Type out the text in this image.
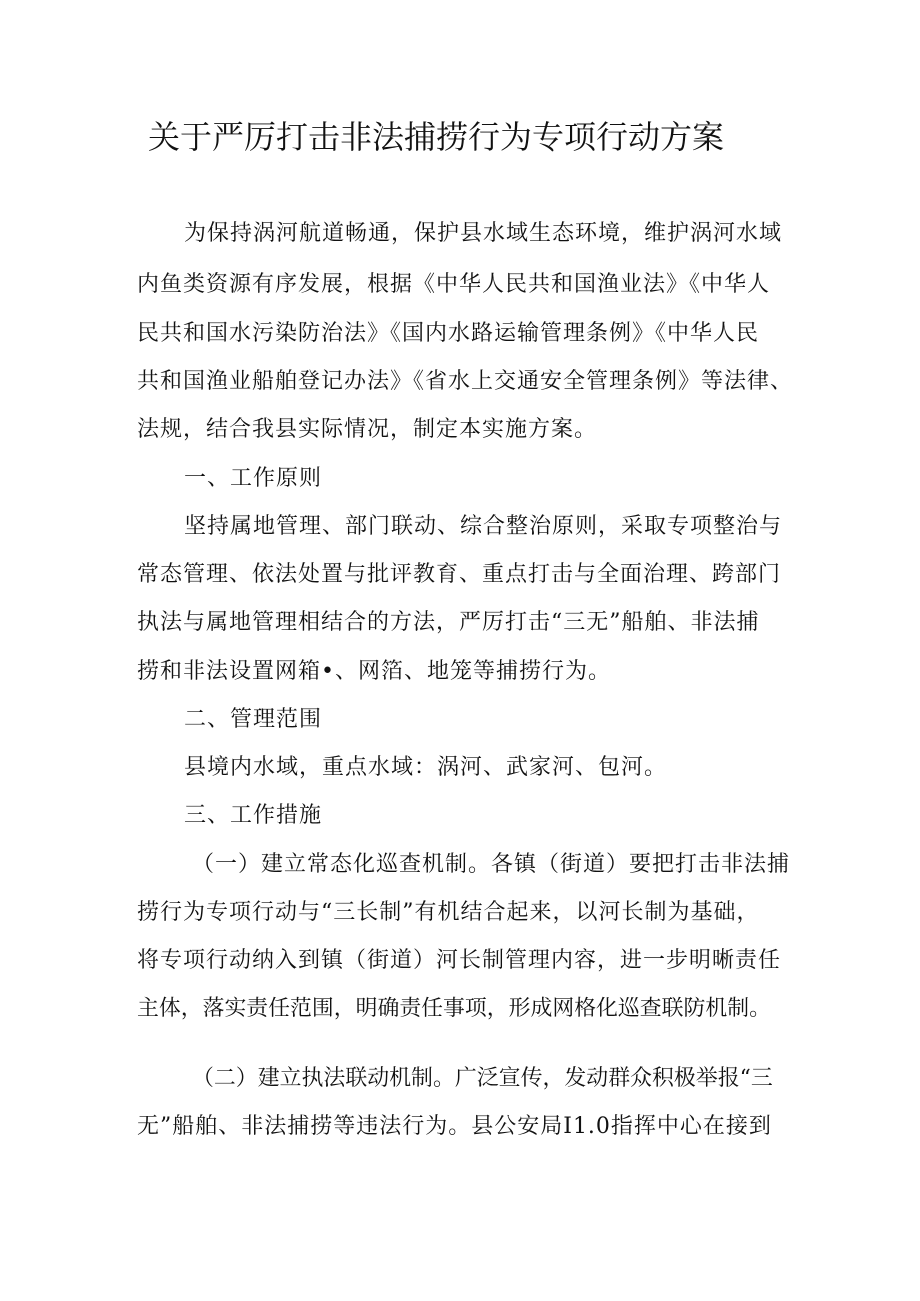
关于严厉打击非法捕捞行为专项行动方案

为保持涡河航道畅通，保护县水域生态环境，维护涡河水域

内鱼类资源有序发展，根据《中华人民共和国渔业法》《中华人

民共和国水污染防治法》《国内水路运输管理条例》《中华人民

共和国渔业船舶登记办法》《省水上交通安全管理条例》等法律、

法规，结合我县实际情况，制定本实施方案。

一、工作原则

坚持属地管理、部门联动、综合整治原则，采取专项整治与

常态管理、依法处置与批评教育、重点打击与全面治理、跨部门

执法与属地管理相结合的方法，严厉打击“三无”船舶、非法捕

捞和非法设置网箱•、网箔、地笼等捕捞行为。

二、管理范围

县境内水域，重点水域：涡河、武家河、包河。

三、工作措施

（一）建立常态化巡查机制。各镇（街道）要把打击非法捕

捞行为专项行动与“三长制”有机结合起来，以河长制为基础，

将专项行动纳入到镇（街道）河长制管理内容，进一步明晰责任

主体，落实责任范围，明确责任事项，形成网格化巡查联防机制。

（二）建立执法联动机制。广泛宣传，发动群众积极举报“三

无”船舶、非法捕捞等违法行为。县公安局I1.0指挥中心在接到
